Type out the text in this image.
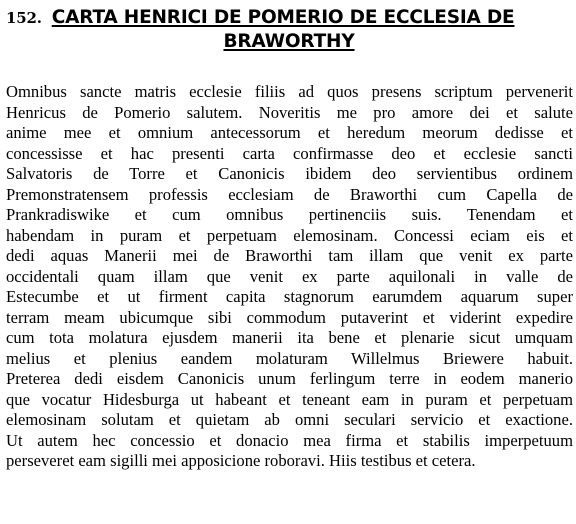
152. CARTA HENRICI DE POMERIO DE ECCLESIA DE
BRAWORTHY
Omnibus sancte matris ecclesie filiis ad quos presens scriptum pervenerit
Henricus de Pomerio salutem. Noveritis me pro amore dei et salute
anime mee et omnium antecessorum et heredum meorum dedisse et
concessisse et hac presenti carta confirmasse deo et ecclesie sancti
Salvatoris de Torre et Canonicis ibidem deo servientibus ordinem
Premonstratensem professis ecclesiam de Braworthi cum Capella de
Prankradiswike et cum omnibus pertinenciis suis. Tenendam et
habendam in puram et perpetuam elemosinam. Concessi eciam eis et
dedi aquas Manerii mei de Braworthi tam illam que venit ex parte
occidentali quam illam que venit ex parte aquilonali in valle de
Estecumbe et ut firment capita stagnorum earumdem aquarum super
terram meam ubicumque sibi commodum putaverint et viderint expedire
cum tota molatura ejusdem manerii ita bene et plenarie sicut umquam
melius et plenius eandem molaturam Willelmus Briewere habuit.
Preterea dedi eisdem Canonicis unum ferlingum terre in eodem manerio
que vocatur Hidesburga ut habeant et teneant eam in puram et perpetuam
elemosinam solutam et quietam ab omni seculari servicio et exactione.
Ut autem hec concessio et donacio mea firma et stabilis imperpetuum
perseveret eam sigilli mei apposicione roboravi. Hiis testibus et cetera.
